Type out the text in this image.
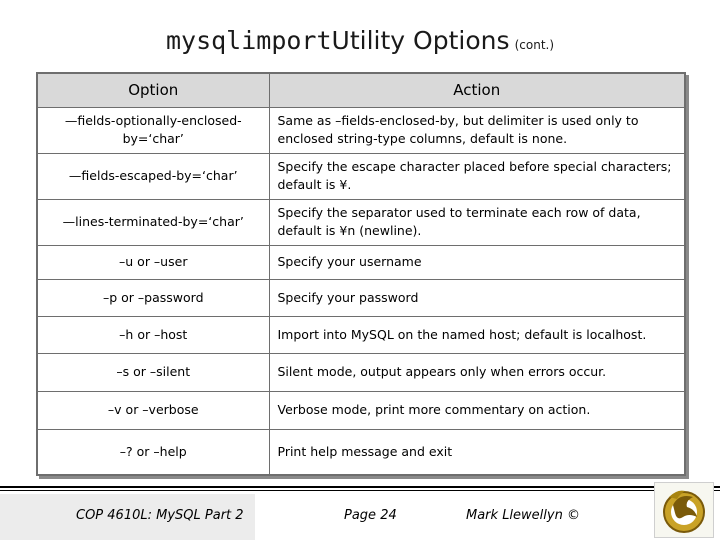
mysqlimportUtility Options (cont.)
Option	Action
—fields-optionally-enclosed-by=‘char’	Same as –fields-enclosed-by, but delimiter is used only to enclosed string-type columns, default is none.
—fields-escaped-by=‘char’	Specify the escape character placed before special characters; default is ¥.
—lines-terminated-by=‘char’	Specify the separator used to terminate each row of data, default is ¥n (newline).
–u or –user	Specify your username
–p or –password	Specify your password
–h or –host	Import into MySQL on the named host; default is localhost.
–s or –silent	Silent mode, output appears only when errors occur.
–v or –verbose	Verbose mode, print more commentary on action.
–? or –help	Print help message and exit
COP 4610L: MySQL Part 2	Page 24	Mark Llewellyn ©
